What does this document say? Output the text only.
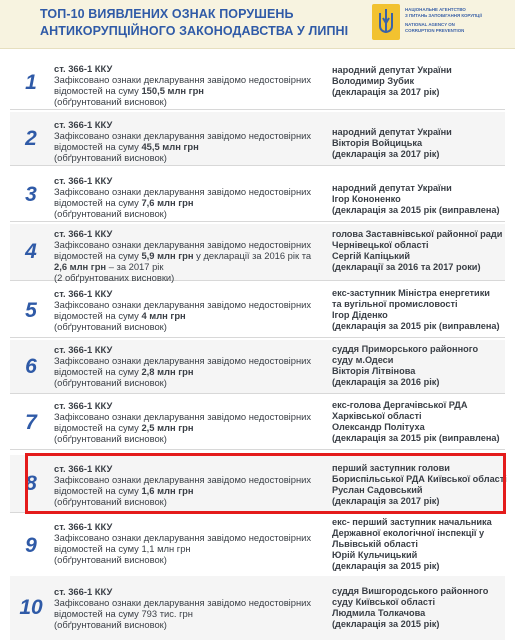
ТОП-10 ВИЯВЛЕНИХ ОЗНАК ПОРУШЕНЬ
АНТИКОРУПЦІЙНОГО ЗАКОНОДАВСТВА У ЛИПНІ
НАЦІОНАЛЬНЕ АГЕНТСТВО
З ПИТАНЬ ЗАПОБІГАННЯ КОРУПЦІЇ
NATIONAL AGENCY ON
CORRUPTION PREVENTION
1
ст. 366-1 ККУ
Зафіксовано ознаки декларування завідомо недостовірних
відомостей на суму 150,5 млн грн
(обґрунтований висновок)
народний депутат України
Володимир Зубик
(декларація за 2017 рік)
2
ст. 366-1 ККУ
Зафіксовано ознаки декларування завідомо недостовірних
відомостей на суму 45,5 млн грн
(обґрунтований висновок)
народний депутат України
Вікторія Войцицька
(декларація за 2017 рік)
3
ст. 366-1 ККУ
Зафіксовано ознаки декларування завідомо недостовірних
відомостей на суму 7,6 млн грн
(обґрунтований висновок)
народний депутат України
Ігор Кононенко
(декларація за 2015 рік (виправлена)
4
ст. 366-1 ККУ
Зафіксовано ознаки декларування завідомо недостовірних
відомостей на суму 5,9 млн грн у декларації за 2016 рік та
2,6 млн грн – за 2017 рік
(2 обґрунтованих висновки)
голова Заставнівської районної ради
Чернівецької області
Сергій Капіцький
(декларації за 2016 та 2017 роки)
5
ст. 366-1 ККУ
Зафіксовано ознаки декларування завідомо недостовірних
відомостей на суму 4 млн грн
(обґрунтований висновок)
екс-заступник Міністра енергетики
та вугільної промисловості
Ігор Діденко
(декларація за 2015 рік (виправлена)
6
ст. 366-1 ККУ
Зафіксовано ознаки декларування завідомо недостовірних
відомостей на суму 2,8 млн грн
(обґрунтований висновок)
суддя Приморського районного
суду м.Одеси
Вікторія Літвінова
(декларація за 2016 рік)
7
ст. 366-1 ККУ
Зафіксовано ознаки декларування завідомо недостовірних
відомостей на суму 2,5 млн грн
(обґрунтований висновок)
екс-голова Дергачівської РДА
Харківської області
Олександр Політуха
(декларація за 2015 рік (виправлена)
8
ст. 366-1 ККУ
Зафіксовано ознаки декларування завідомо недостовірних
відомостей на суму 1,6 млн грн
(обґрунтований висновок)
перший заступник голови
Бориспільської РДА Київської області
Руслан Садовський
(декларація за 2017 рік)
9
ст. 366-1 ККУ
Зафіксовано ознаки декларування завідомо недостовірних
відомостей на суму 1,1 млн грн
(обґрунтований висновок)
екс- перший заступник начальника
Державної екологічної інспекції у
Львівській області
Юрій Кульчицький
(декларація за 2015 рік)
10
ст. 366-1 ККУ
Зафіксовано ознаки декларування завідомо недостовірних
відомостей на суму 793 тис. грн
(обґрунтований висновок)
суддя Вишгородського районного
суду Київської області
Людмила Толкачова
(декларація за 2015 рік)
